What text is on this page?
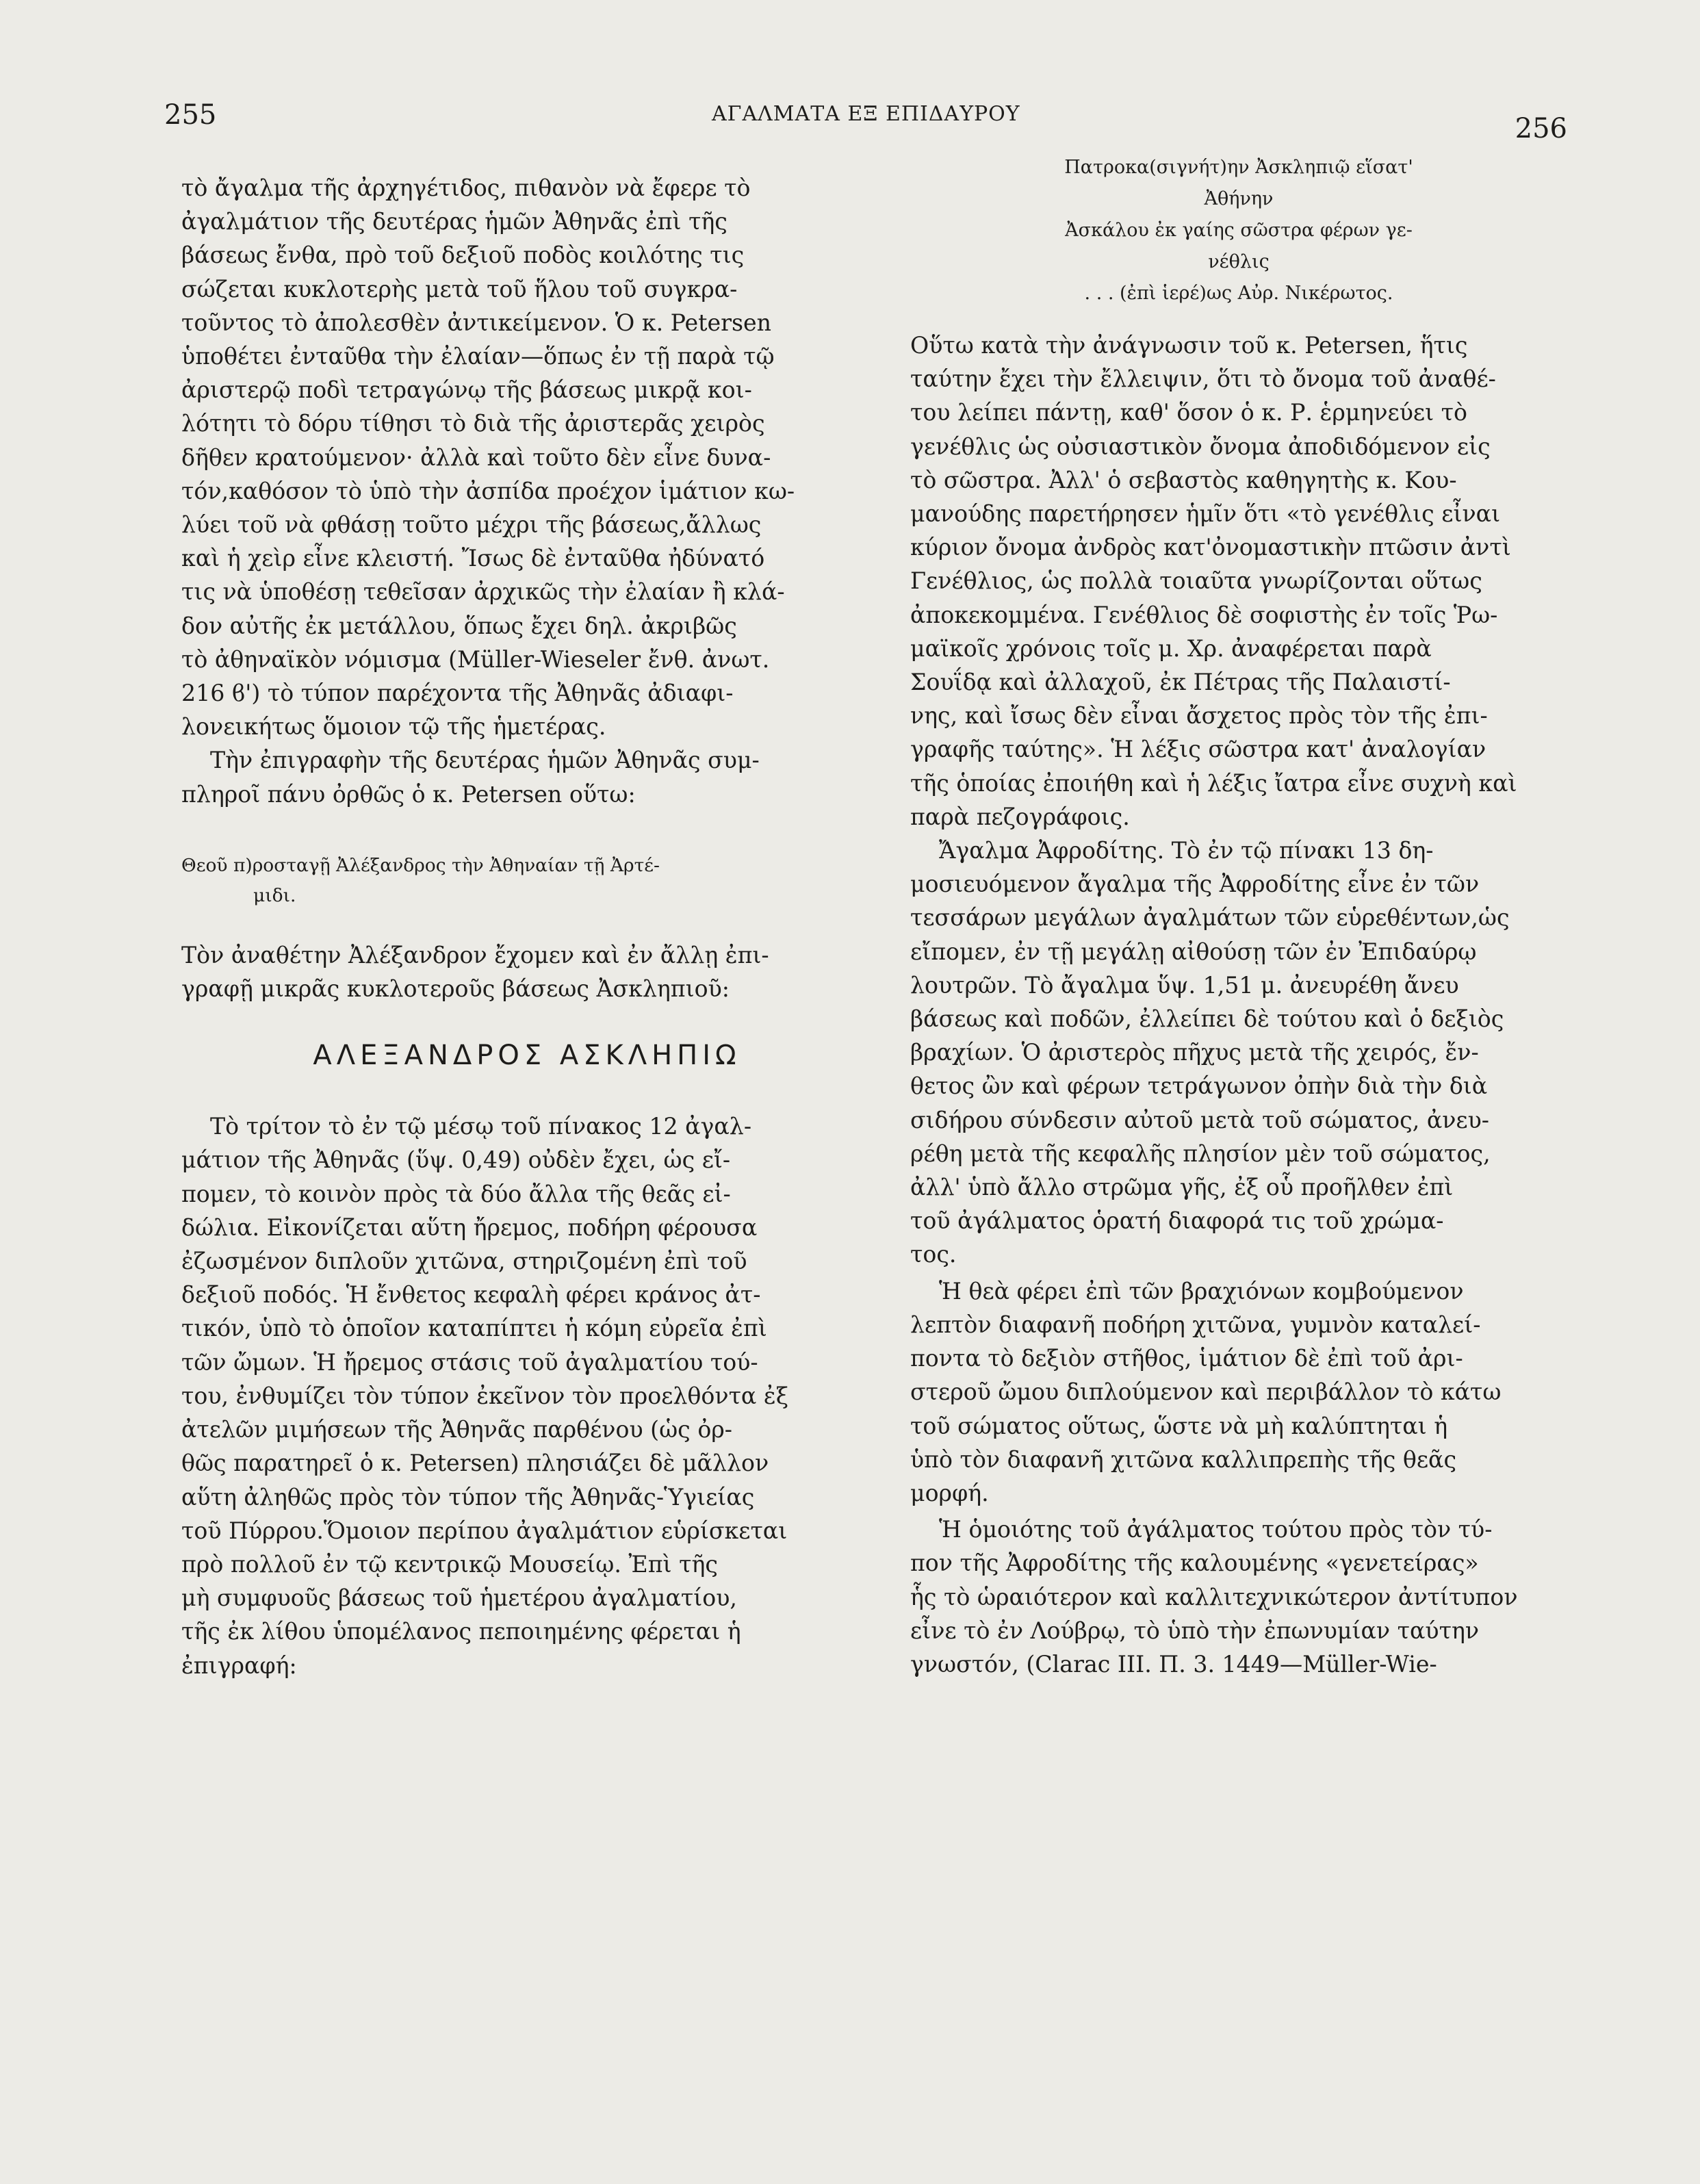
255	ΑΓΑΛΜΑΤΑ ΕΞ ΕΠΙΔΑΥΡΟΥ	256

τὸ ἄγαλμα τῆς ἀρχηγέτιδος, πιθανὸν νὰ ἔφερε τὸ
ἀγαλμάτιον τῆς δευτέρας ἡμῶν Ἀθηνᾶς ἐπὶ τῆς
βάσεως ἔνθα, πρὸ τοῦ δεξιοῦ ποδὸς κοιλότης τις
σώζεται κυκλοτερὴς μετὰ τοῦ ἥλου τοῦ συγκρα-
τοῦντος τὸ ἀπολεσθὲν ἀντικείμενον. Ὁ κ. Petersen
ὑποθέτει ἐνταῦθα τὴν ἐλαίαν—ὅπως ἐν τῇ παρὰ τῷ
ἀριστερῷ ποδὶ τετραγώνῳ τῆς βάσεως μικρᾷ κοι-
λότητι τὸ δόρυ τίθησι τὸ διὰ τῆς ἀριστερᾶς χειρὸς
δῆθεν κρατούμενον· ἀλλὰ καὶ τοῦτο δὲν εἶνε δυνα-
τόν,καθόσον τὸ ὑπὸ τὴν ἀσπίδα προέχον ἱμάτιον κω-
λύει τοῦ νὰ φθάσῃ τοῦτο μέχρι τῆς βάσεως,ἄλλως
καὶ ἡ χεὶρ εἶνε κλειστή. Ἴσως δὲ ἐνταῦθα ἠδύνατό
τις νὰ ὑποθέσῃ τεθεῖσαν ἀρχικῶς τὴν ἐλαίαν ἢ κλά-
δον αὐτῆς ἐκ μετάλλου, ὅπως ἔχει δηλ. ἀκριβῶς
τὸ ἀθηναϊκὸν νόμισμα (Müller-Wieseler ἔνθ. ἀνωτ.
216 ϐ') τὸ τύπον παρέχοντα τῆς Ἀθηνᾶς ἀδιαφι-
λονεικήτως ὅμοιον τῷ τῆς ἡμετέρας.

Τὴν ἐπιγραφὴν τῆς δευτέρας ἡμῶν Ἀθηνᾶς συμ-
πληροῖ πάνυ ὀρθῶς ὁ κ. Petersen οὕτω:

Θεοῦ π)ροσταγῇ Ἀλέξανδρος τὴν Ἀθηναίαν τῇ Ἀρτέ-
μιδι.

Τὸν ἀναθέτην Ἀλέξανδρον ἔχομεν καὶ ἐν ἄλλῃ ἐπι-
γραφῇ μικρᾶς κυκλοτεροῦς βάσεως Ἀσκληπιοῦ:

ΑΛΕΞΑΝΔΡΟΣ ΑΣΚΛΗΠΙΩ

Τὸ τρίτον τὸ ἐν τῷ μέσῳ τοῦ πίνακος 12 ἀγαλ-
μάτιον τῆς Ἀθηνᾶς (ὕψ. 0,49) οὐδὲν ἔχει, ὡς εἴ-
πομεν, τὸ κοινὸν πρὸς τὰ δύο ἄλλα τῆς θεᾶς εἰ-
δώλια. Εἰκονίζεται αὕτη ἤρεμος, ποδήρη φέρουσα
ἐζωσμένον διπλοῦν χιτῶνα, στηριζομένη ἐπὶ τοῦ
δεξιοῦ ποδός. Ἡ ἔνθετος κεφαλὴ φέρει κράνος ἀτ-
τικόν, ὑπὸ τὸ ὁποῖον καταπίπτει ἡ κόμη εὐρεῖα ἐπὶ
τῶν ὤμων. Ἡ ἤρεμος στάσις τοῦ ἀγαλματίου τού-
του, ἐνθυμίζει τὸν τύπον ἐκεῖνον τὸν προελθόντα ἐξ
ἀτελῶν μιμήσεων τῆς Ἀθηνᾶς παρθένου (ὡς ὀρ-
θῶς παρατηρεῖ ὁ κ. Petersen) πλησιάζει δὲ μᾶλλον
αὕτη ἀληθῶς πρὸς τὸν τύπον τῆς Ἀθηνᾶς-Ὑγιείας
τοῦ Πύρρου.Ὅμοιον περίπου ἀγαλμάτιον εὑρίσκεται
πρὸ πολλοῦ ἐν τῷ κεντρικῷ Μουσείῳ. Ἐπὶ τῆς
μὴ συμφυοῦς βάσεως τοῦ ἡμετέρου ἀγαλματίου,
τῆς ἐκ λίθου ὑπομέλανος πεποιημένης φέρεται ἡ
ἐπιγραφή:

Πατροκα(σιγνήτ)ην Ἀσκληπιῷ εἵσατ'
Ἀθήνην
Ἀσκάλου ἐκ γαίης σῶστρα φέρων γε-
νέθλις
. . . (ἐπὶ ἱερέ)ως Αὐρ. Νικέρωτος.

Οὕτω κατὰ τὴν ἀνάγνωσιν τοῦ κ. Petersen, ἥτις
ταύτην ἔχει τὴν ἔλλειψιν, ὅτι τὸ ὄνομα τοῦ ἀναθέ-
του λείπει πάντῃ, καθ' ὅσον ὁ κ. Ρ. ἑρμηνεύει τὸ
γενέθλις ὡς οὐσιαστικὸν ὄνομα ἀποδιδόμενον εἰς
τὸ σῶστρα. Ἀλλ' ὁ σεβαστὸς καθηγητὴς κ. Κου-
μανούδης παρετήρησεν ἡμῖν ὅτι «τὸ γενέθλις εἶναι
κύριον ὄνομα ἀνδρὸς κατ'ὀνομαστικὴν πτῶσιν ἀντὶ
Γενέθλιος, ὡς πολλὰ τοιαῦτα γνωρίζονται οὕτως
ἀποκεκομμένα. Γενέθλιος δὲ σοφιστὴς ἐν τοῖς Ῥω-
μαϊκοῖς χρόνοις τοῖς μ. Χρ. ἀναφέρεται παρὰ
Σουΐδᾳ καὶ ἀλλαχοῦ, ἐκ Πέτρας τῆς Παλαιστί-
νης, καὶ ἴσως δὲν εἶναι ἄσχετος πρὸς τὸν τῆς ἐπι-
γραφῆς ταύτης». Ἡ λέξις σῶστρα κατ' ἀναλογίαν
τῆς ὁποίας ἐποιήθη καὶ ἡ λέξις ἴατρα εἶνε συχνὴ καὶ
παρὰ πεζογράφοις.

Ἄγαλμα Ἀφροδίτης. Τὸ ἐν τῷ πίνακι 13 δη-
μοσιευόμενον ἄγαλμα τῆς Ἀφροδίτης εἶνε ἐν τῶν
τεσσάρων μεγάλων ἀγαλμάτων τῶν εὑρεθέντων,ὡς
εἴπομεν, ἐν τῇ μεγάλῃ αἰθούσῃ τῶν ἐν Ἐπιδαύρῳ
λουτρῶν. Τὸ ἄγαλμα ὕψ. 1,51 μ. ἀνευρέθη ἄνευ
βάσεως καὶ ποδῶν, ἐλλείπει δὲ τούτου καὶ ὁ δεξιὸς
βραχίων. Ὁ ἀριστερὸς πῆχυς μετὰ τῆς χειρός, ἔν-
θετος ὢν καὶ φέρων τετράγωνον ὀπὴν διὰ τὴν διὰ
σιδήρου σύνδεσιν αὐτοῦ μετὰ τοῦ σώματος, ἀνευ-
ρέθη μετὰ τῆς κεφαλῆς πλησίον μὲν τοῦ σώματος,
ἀλλ' ὑπὸ ἄλλο στρῶμα γῆς, ἐξ οὗ προῆλθεν ἐπὶ
τοῦ ἀγάλματος ὁρατή διαφορά τις τοῦ χρώμα-
τος.

Ἡ θεὰ φέρει ἐπὶ τῶν βραχιόνων κομβούμενον
λεπτὸν διαφανῆ ποδήρη χιτῶνα, γυμνὸν καταλεί-
ποντα τὸ δεξιὸν στῆθος, ἱμάτιον δὲ ἐπὶ τοῦ ἀρι-
στεροῦ ὤμου διπλούμενον καὶ περιβάλλον τὸ κάτω
τοῦ σώματος οὕτως, ὥστε νὰ μὴ καλύπτηται ἡ
ὑπὸ τὸν διαφανῆ χιτῶνα καλλιπρεπὴς τῆς θεᾶς
μορφή.

Ἡ ὁμοιότης τοῦ ἀγάλματος τούτου πρὸς τὸν τύ-
πον τῆς Ἀφροδίτης τῆς καλουμένης «γενετείρας»
ἧς τὸ ὡραιότερον καὶ καλλιτεχνικώτερον ἀντίτυπον
εἶνε τὸ ἐν Λούβρῳ, τὸ ὑπὸ τὴν ἐπωνυμίαν ταύτην
γνωστόν, (Clarac III. Π. 3. 1449—Müller-Wie-
